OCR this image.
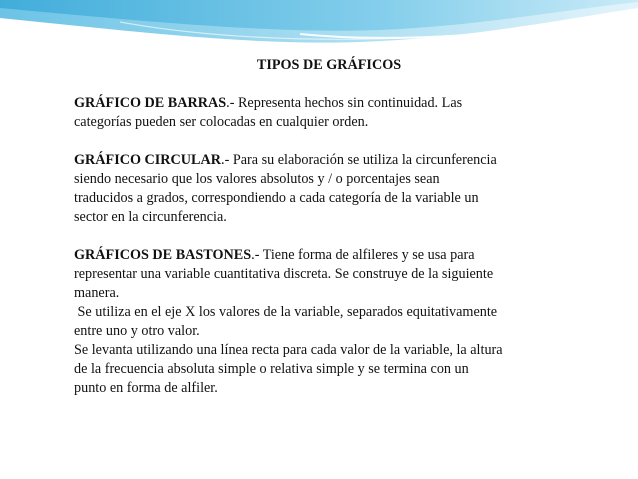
TIPOS DE GRÁFICOS
GRÁFICO DE BARRAS.- Representa hechos sin continuidad. Las
categorías pueden ser colocadas en cualquier orden.
GRÁFICO CIRCULAR.- Para su elaboración se utiliza la circunferencia
siendo necesario que los valores absolutos y / o porcentajes sean
traducidos a grados, correspondiendo a cada categoría de la variable un
sector en la circunferencia.
GRÁFICOS DE BASTONES.- Tiene forma de alfileres y se usa para
representar una variable cuantitativa discreta. Se construye de la siguiente
manera.
Se utiliza en el eje X los valores de la variable, separados equitativamente
entre uno y otro valor.
Se levanta utilizando una línea recta para cada valor de la variable, la altura
de la frecuencia absoluta simple o relativa simple y se termina con un
punto en forma de alfiler.
